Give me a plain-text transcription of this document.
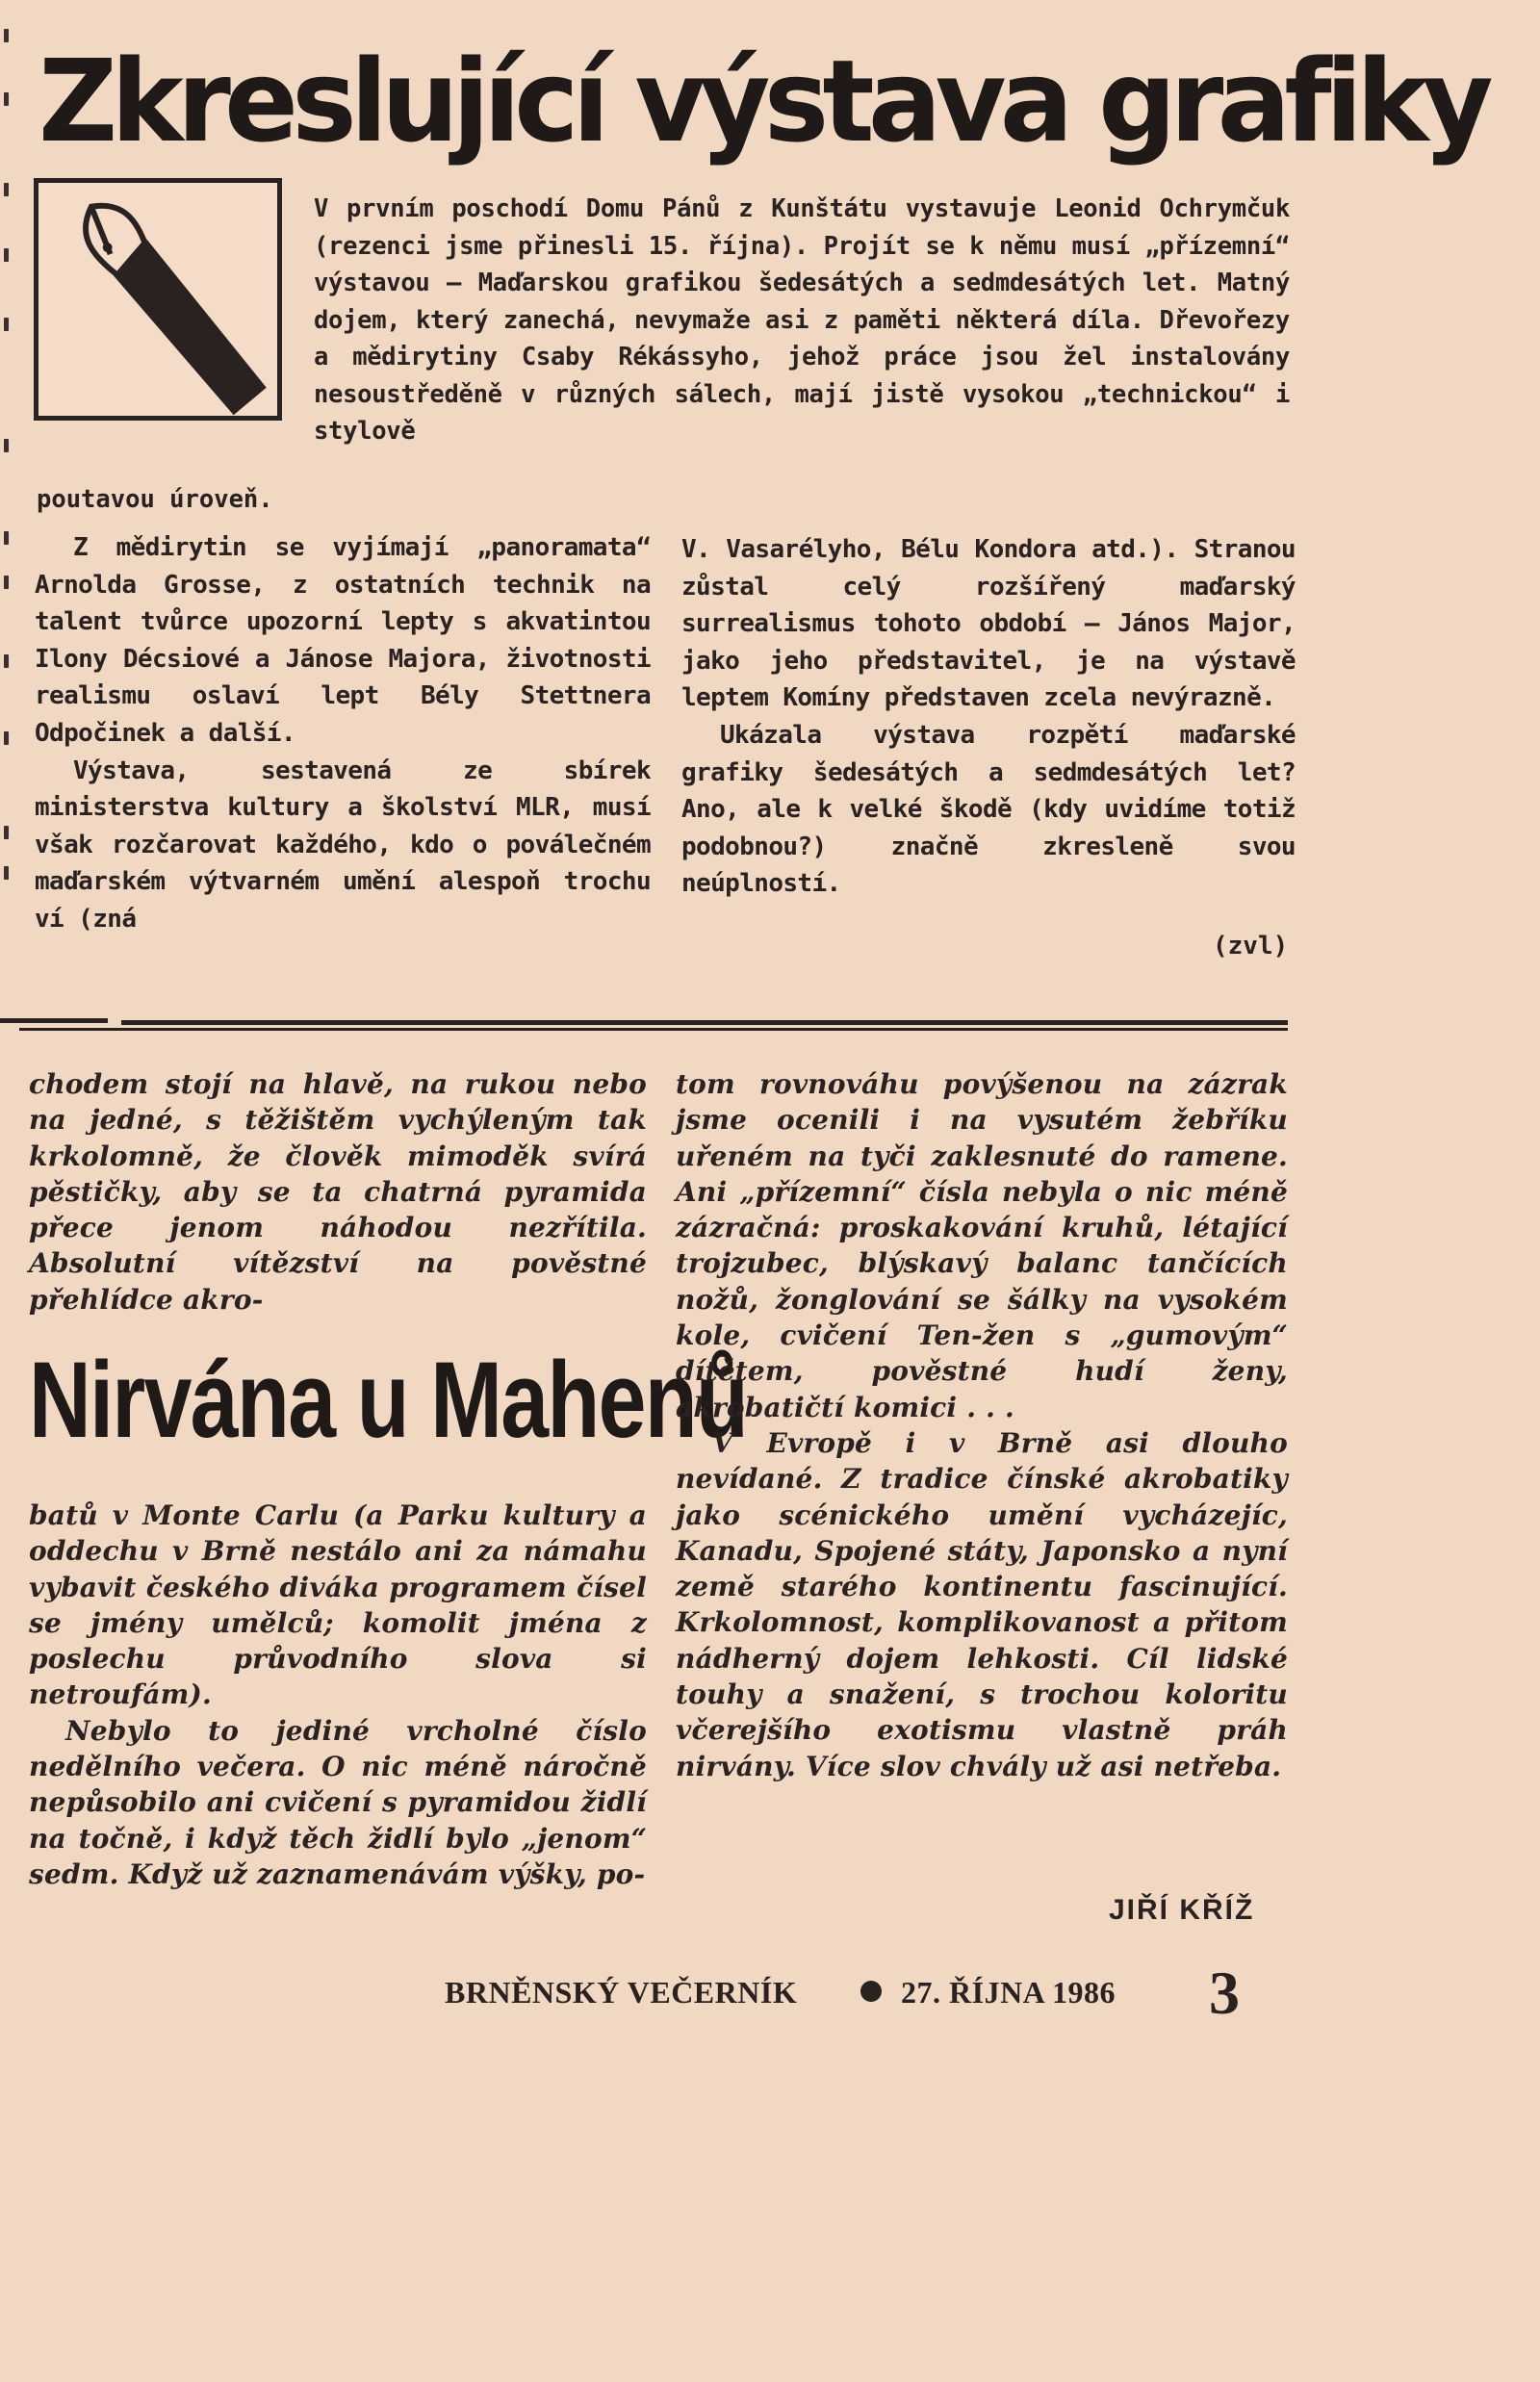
Zkreslující výstava grafiky
V prvním poschodí Domu Pánů z Kunštátu vystavuje Leonid Ochrymčuk (rezenci jsme přinesli 15. října). Projít se k němu musí „přízemní“ výstavou — Maďarskou grafikou šedesátých a sedmdesátých let. Matný dojem, který zanechá, nevymaže asi z paměti některá díla. Dřevořezy a mědirytiny Csaby Rékássyho, jehož práce jsou žel instalovány nesoustředěně v různých sálech, mají jistě vysokou „technickou“ i stylově
poutavou úroveň.

Z mědirytin se vyjímají „panoramata“ Arnolda Grosse, z ostatních technik na talent tvůrce upozorní lepty s akvatintou Ilony Décsiové a Jánose Majora, životnosti realismu oslaví lept Bély Stettnera Odpočinek a další.

Výstava, sestavená ze sbírek ministerstva kultury a školství MLR, musí však rozčarovat každého, kdo o poválečném maďarském výtvarném umění alespoň trochu ví (zná

V. Vasarélyho, Bélu Kondora atd.). Stranou zůstal celý rozšířený maďarský surrealismus tohoto období — János Major, jako jeho představitel, je na výstavě leptem Komíny představen zcela nevýrazně.

Ukázala výstava rozpětí maďarské grafiky šedesátých a sedmdesátých let? Ano, ale k velké škodě (kdy uvidíme totiž podobnou?) značně zkresleně svou neúplností.

(zvl)

chodem stojí na hlavě, na rukou nebo na jedné, s těžištěm vychýleným tak krkolomně, že člověk mimoděk svírá pěstičky, aby se ta chatrná pyramida přece jenom náhodou nezřítila. Absolutní vítězství na pověstné přehlídce akro-

Nirvána u Mahenů

batů v Monte Carlu (a Parku kultury a oddechu v Brně nestálo ani za námahu vybavit českého diváka programem čísel se jmény umělců; komolit jména z poslechu průvodního slova si netroufám).

Nebylo to jediné vrcholné číslo nedělního večera. O nic méně náročně nepůsobilo ani cvičení s pyramidou židlí na točně, i když těch židlí bylo „jenom“ sedm. Když už zaznamenávám výšky, po-

tom rovnováhu povýšenou na zázrak jsme ocenili i na vysutém žebříku uřeném na tyči zaklesnuté do ramene. Ani „přízemní“ čísla nebyla o nic méně zázračná: proskakování kruhů, létající trojzubec, blýskavý balanc tančících nožů, žonglování se šálky na vysokém kole, cvičení Ten-žen s „gumovým“ dítětem, pověstné hudí ženy, akrobatičtí komici . . .

V Evropě i v Brně asi dlouho nevídané. Z tradice čínské akrobatiky jako scénického umění vycházejíc, Kanadu, Spojené státy, Japonsko a nyní země starého kontinentu fascinující. Krkolomnost, komplikovanost a přitom nádherný dojem lehkosti. Cíl lidské touhy a snažení, s trochou koloritu včerejšího exotismu vlastně práh nirvány. Více slov chvály už asi netřeba.

JIŘÍ KŘÍŽ
BRNĚNSKÝ VEČERNÍK	27. ŘÍJNA 1986 3
